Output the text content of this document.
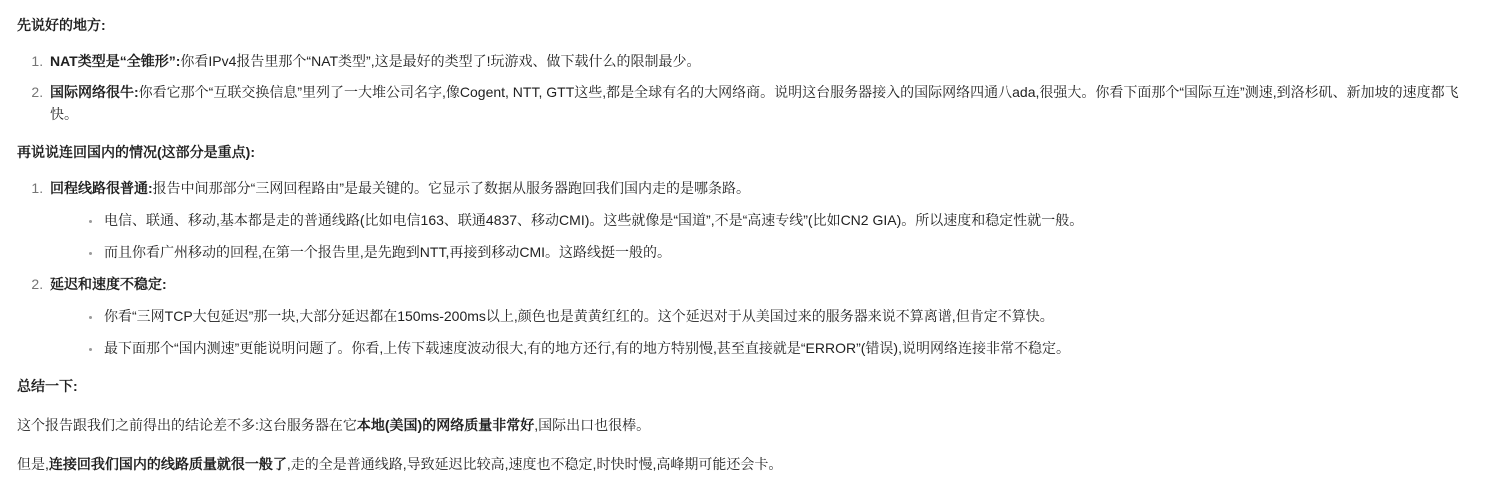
先说好的地方:

1. NAT类型是“全锥形”:你看IPv4报告里那个“NAT类型”,这是最好的类型了!玩游戏、做下载什么的限制最少。
2. 国际网络很牛:你看它那个“互联交换信息”里列了一大堆公司名字,像Cogent, NTT, GTT这些,都是全球有名的大网络商。说明这台服务器接入的国际网络四通八ada,很强大。你看下面那个“国际互连”测速,到洛杉矶、新加坡的速度都飞快。

再说说连回国内的情况(这部分是重点):

1. 回程线路很普通:报告中间那部分“三网回程路由”是最关键的。它显示了数据从服务器跑回我们国内走的是哪条路。
• 电信、联通、移动,基本都是走的普通线路(比如电信163、联通4837、移动CMI)。这些就像是“国道”,不是“高速专线”(比如CN2 GIA)。所以速度和稳定性就一般。
• 而且你看广州移动的回程,在第一个报告里,是先跑到NTT,再接到移动CMI。这路线挺一般的。
2. 延迟和速度不稳定:
• 你看“三网TCP大包延迟”那一块,大部分延迟都在150ms-200ms以上,颜色也是黄黄红红的。这个延迟对于从美国过来的服务器来说不算离谱,但肯定不算快。
• 最下面那个“国内测速”更能说明问题了。你看,上传下载速度波动很大,有的地方还行,有的地方特别慢,甚至直接就是“ERROR”(错误),说明网络连接非常不稳定。

总结一下:

这个报告跟我们之前得出的结论差不多:这台服务器在它本地(美国)的网络质量非常好,国际出口也很棒。

但是,连接回我们国内的线路质量就很一般了,走的全是普通线路,导致延迟比较高,速度也不稳定,时快时慢,高峰期可能还会卡。
